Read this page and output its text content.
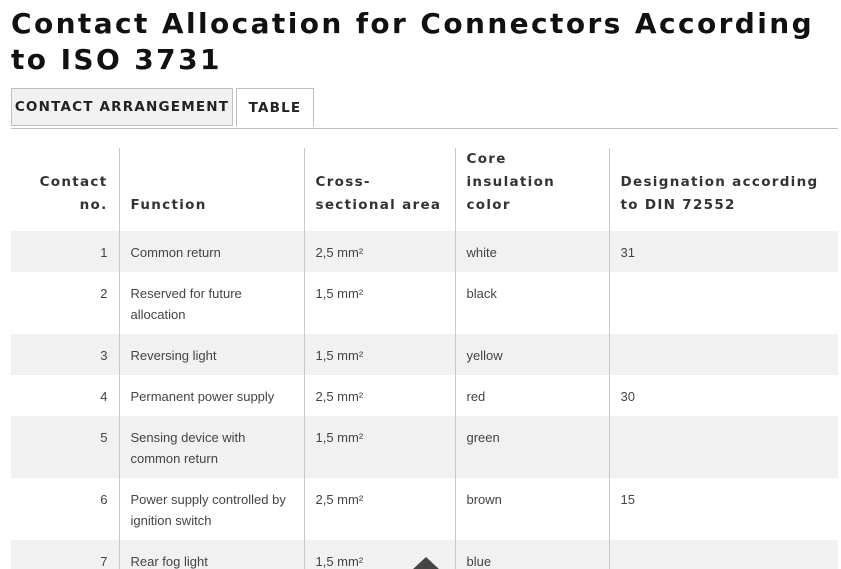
Contact Allocation for Connectors According to ISO 3731
CONTACT ARRANGEMENT	TABLE
Contact no.	Function	Cross-sectional area	Core insulation color	Designation according to DIN 72552
1	Common return	2,5 mm²	white	31
2	Reserved for future allocation	1,5 mm²	black	
3	Reversing light	1,5 mm²	yellow	
4	Permanent power supply	2,5 mm²	red	30
5	Sensing device with common return	1,5 mm²	green	
6	Power supply controlled by ignition switch	2,5 mm²	brown	15
7	Rear fog light	1,5 mm²	blue	
